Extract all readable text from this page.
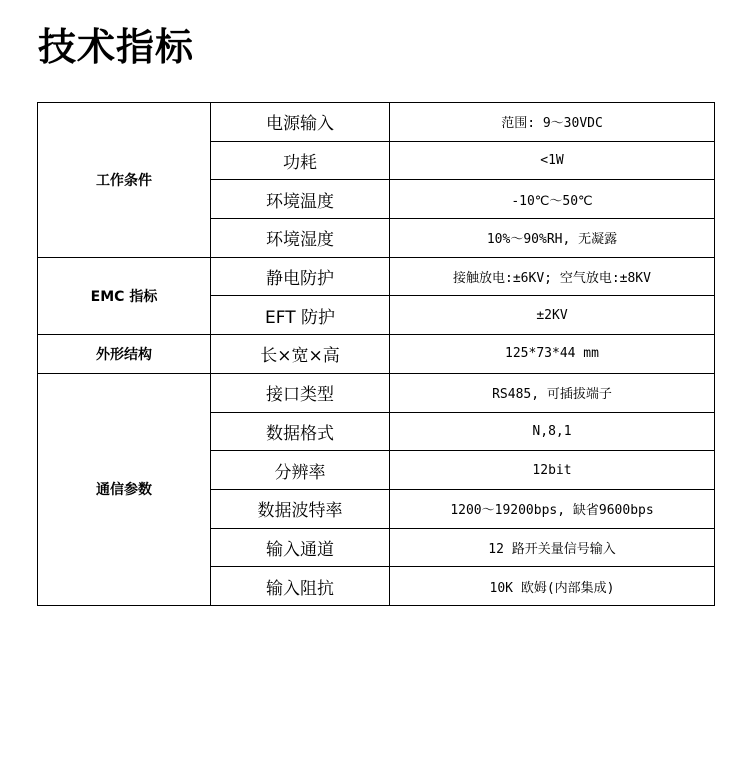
技术指标
工作条件	电源输入	范围: 9～30VDC
	功耗	<1W
	环境温度	-10℃～50℃
	环境湿度	10%～90%RH, 无凝露
EMC 指标	静电防护	接触放电:±6KV; 空气放电:±8KV
	EFT 防护	±2KV
外形结构	长×宽×高	125*73*44 mm
通信参数	接口类型	RS485, 可插拔端子
	数据格式	N,8,1
	分辨率	12bit
	数据波特率	1200～19200bps, 缺省9600bps
	输入通道	12 路开关量信号输入
	输入阻抗	10K 欧姆(内部集成)
